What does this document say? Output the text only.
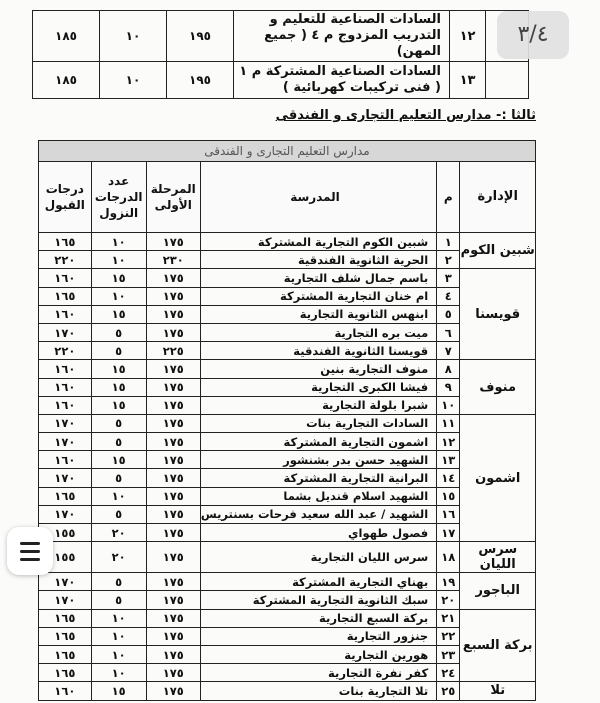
	١٢	السادات الصناعية للتعليم و التدريب المزدوج م ٤ ( جميع المهن)	١٩٥	١٠	١٨٥
	١٣	السادات الصناعية المشتركة م ١ ( فنى تركيبات كهربائية )	١٩٥	١٠	١٨٥
ثالثا :- مدارس التعليم التجارى و الفندقى
مدارس التعليم التجارى و الفندقى					
الإدارة	م	المدرسة	المرحلة الأولى	عدد الدرجات النزول	درجات القبول
شبين الكوم	١	شبين الكوم التجارية المشتركة	١٧٥	١٠	١٦٥
	٢	الحرية الثانوية الفندقية	٢٣٠	١٠	٢٢٠
قويسنا	٣	باسم جمال شلف التجارية	١٧٥	١٥	١٦٠
	٤	ام خنان التجارية المشتركة	١٧٥	١٠	١٦٥
	٥	ابنهس الثانوية التجارية	١٧٥	١٥	١٦٠
	٦	ميت بره التجارية	١٧٥	٥	١٧٠
	٧	قويسنا الثانوية الفندقية	٢٢٥	٥	٢٢٠
منوف	٨	منوف التجارية بنين	١٧٥	١٥	١٦٠
	٩	فيشا الكبرى التجارية	١٧٥	١٥	١٦٠
	١٠	شبرا بلولة التجارية	١٧٥	١٥	١٦٠
اشمون	١١	السادات التجارية بنات	١٧٥	٥	١٧٠
	١٢	اشمون التجارية المشتركة	١٧٥	٥	١٧٠
	١٣	الشهيد حسن بدر بشنشور	١٧٥	١٥	١٦٠
	١٤	البرانية التجارية المشتركة	١٧٥	٥	١٧٠
	١٥	الشهيد اسلام قنديل بشما	١٧٥	١٠	١٦٥
	١٦	الشهيد / عبد الله سعيد فرحات بسنتريس	١٧٥	٥	١٧٠
	١٧	فصول طهواي	١٧٥	٢٠	١٥٥
سرس الليان	١٨	سرس الليان التجارية	١٧٥	٢٠	١٥٥
الباجور	١٩	بهناي التجارية المشتركة	١٧٥	٥	١٧٠
	٢٠	سبك الثانوية التجارية المشتركة	١٧٥	٥	١٧٠
بركة السبع	٢١	بركة السبع التجارية	١٧٥	١٠	١٦٥
	٢٢	جنزور التجارية	١٧٥	١٠	١٦٥
	٢٣	هورين التجارية	١٧٥	١٠	١٦٥
	٢٤	كفر نفرة التجارية	١٧٥	١٠	١٦٥
تلا	٢٥	تلا التجارية بنات	١٧٥	١٥	١٦٠
٣/٤
